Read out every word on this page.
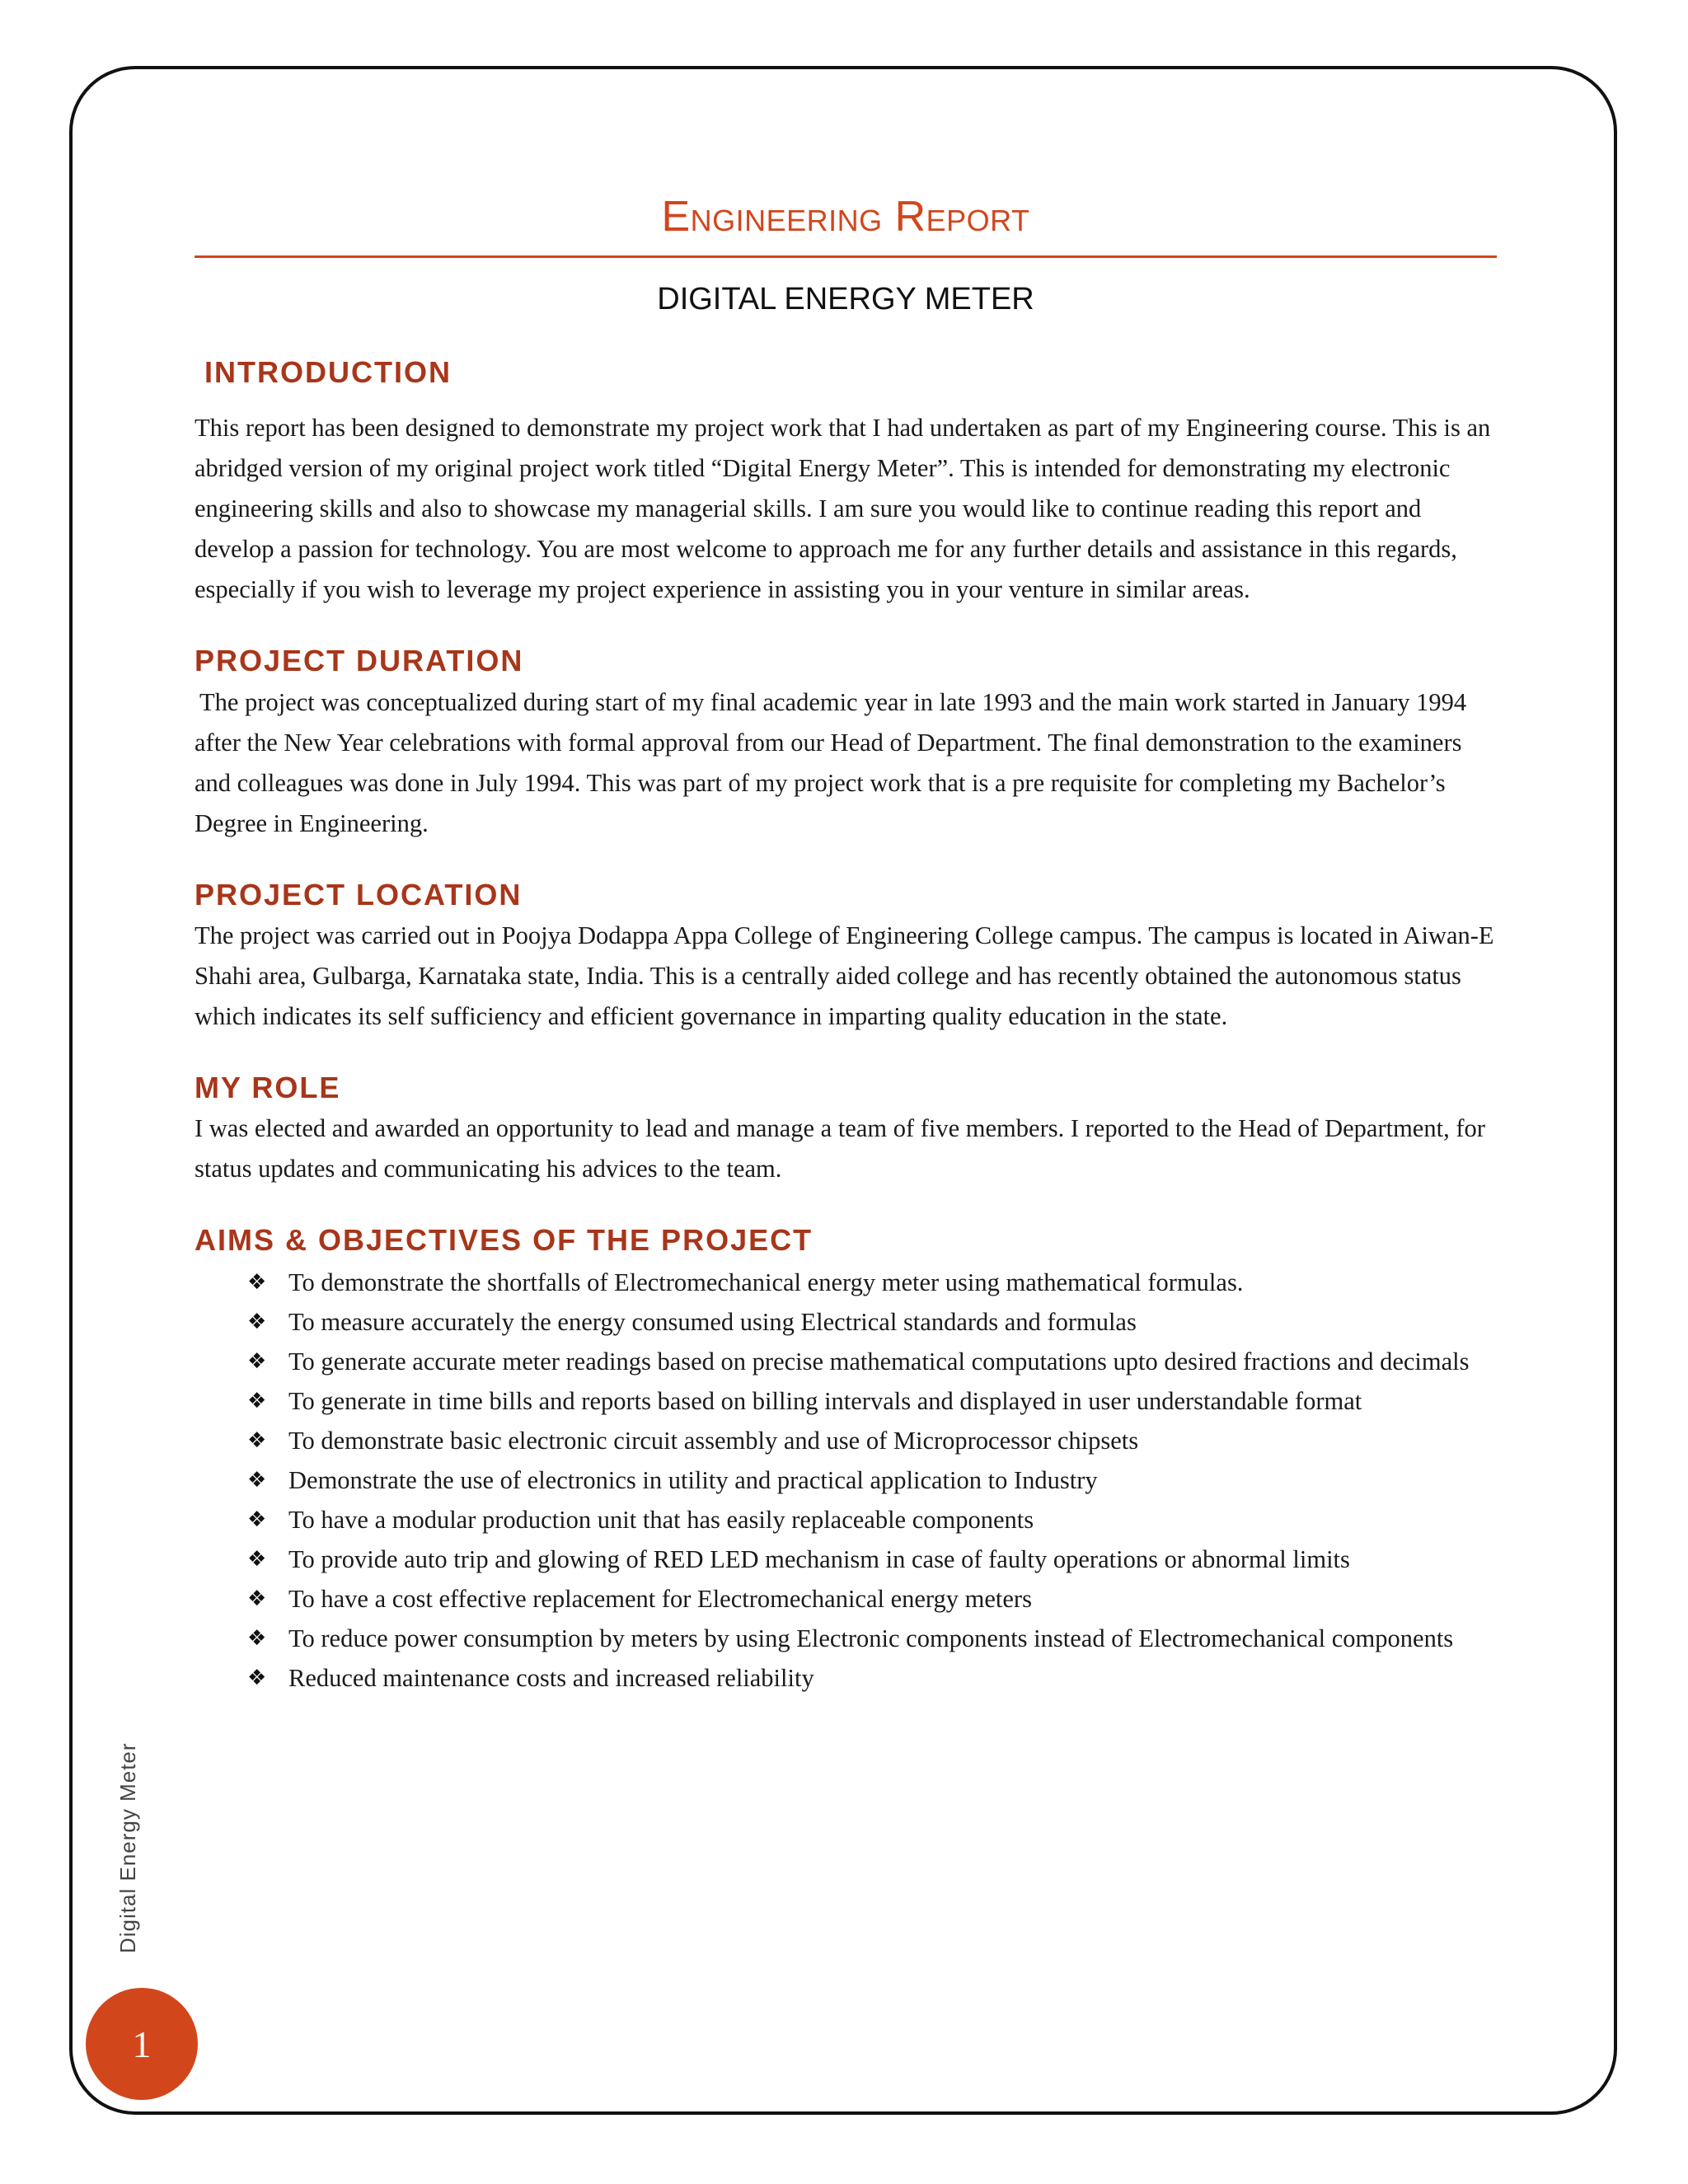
Engineering Report
DIGITAL ENERGY METER
INTRODUCTION

This report has been designed to demonstrate my project work that I had undertaken as part of my Engineering course. This is an abridged version of my original project work titled “Digital Energy Meter”. This is intended for demonstrating my electronic engineering skills and also to showcase my managerial skills. I am sure you would like to continue reading this report and develop a passion for technology. You are most welcome to approach me for any further details and assistance in this regards, especially if you wish to leverage my project experience in assisting you in your venture in similar areas.

PROJECT DURATION

The project was conceptualized during start of my final academic year in late 1993 and the main work started in January 1994 after the New Year celebrations with formal approval from our Head of Department. The final demonstration to the examiners and colleagues was done in July 1994. This was part of my project work that is a pre requisite for completing my Bachelor’s Degree in Engineering.

PROJECT LOCATION

The project was carried out in Poojya Dodappa Appa College of Engineering College campus. The campus is located in Aiwan-E Shahi area, Gulbarga, Karnataka state, India. This is a centrally aided college and has recently obtained the autonomous status which indicates its self sufficiency and efficient governance in imparting quality education in the state.

MY ROLE

I was elected and awarded an opportunity to lead and manage a team of five members. I reported to the Head of Department, for status updates and communicating his advices to the team.

AIMS & OBJECTIVES OF THE PROJECT
❖ To demonstrate the shortfalls of Electromechanical energy meter using mathematical formulas.
❖ To measure accurately the energy consumed using Electrical standards and formulas
❖ To generate accurate meter readings based on precise mathematical computations upto desired fractions and decimals
❖ To generate in time bills and reports based on billing intervals and displayed in user understandable format
❖ To demonstrate basic electronic circuit assembly and use of Microprocessor chipsets
❖ Demonstrate the use of electronics in utility and practical application to Industry
❖ To have a modular production unit that has easily replaceable components
❖ To provide auto trip and glowing of RED LED mechanism in case of faulty operations or abnormal limits
❖ To have a cost effective replacement for Electromechanical energy meters
❖ To reduce power consumption by meters by using Electronic components instead of Electromechanical components
❖ Reduced maintenance costs and increased reliability
Digital Energy Meter
1
